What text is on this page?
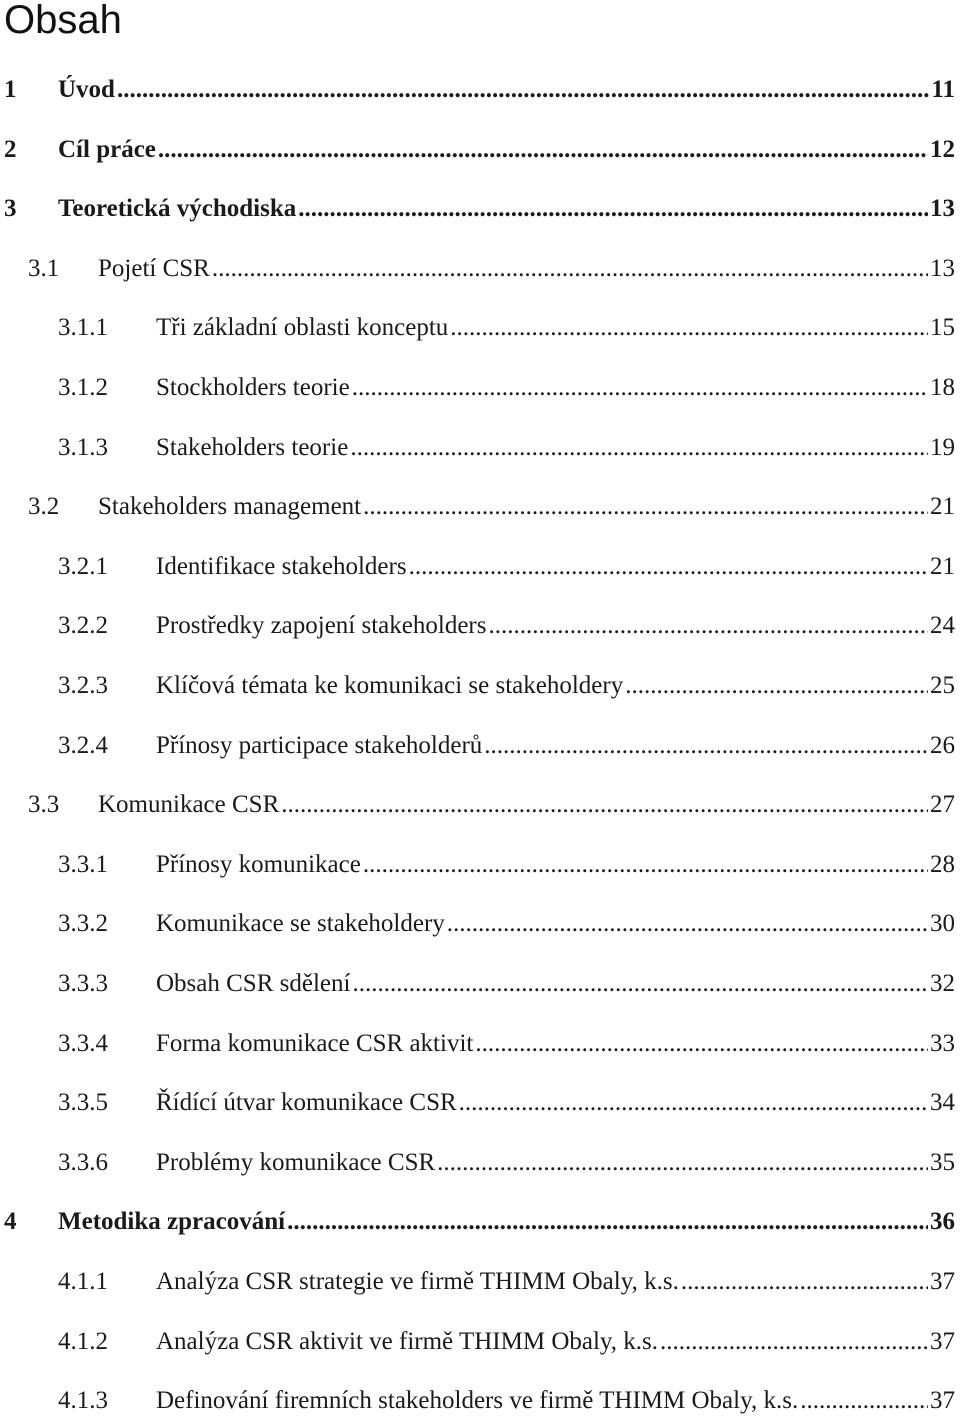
Obsah
1 Úvod .....	11
2 Cíl práce .....	12
3 Teoretická východiska .....	13
3.1 Pojetí CSR .....	13
3.1.1 Tři základní oblasti konceptu .....	15
3.1.2 Stockholders teorie .....	18
3.1.3 Stakeholders teorie .....	19
3.2 Stakeholders management .....	21
3.2.1 Identifikace stakeholders .....	21
3.2.2 Prostředky zapojení stakeholders .....	24
3.2.3 Klíčová témata ke komunikaci se stakeholdery .....	25
3.2.4 Přínosy participace stakeholderů .....	26
3.3 Komunikace CSR .....	27
3.3.1 Přínosy komunikace .....	28
3.3.2 Komunikace se stakeholdery .....	30
3.3.3 Obsah CSR sdělení .....	32
3.3.4 Forma komunikace CSR aktivit .....	33
3.3.5 Řídící útvar komunikace CSR .....	34
3.3.6 Problémy komunikace CSR .....	35
4 Metodika zpracování .....	36
4.1.1 Analýza CSR strategie ve firmě THIMM Obaly, k.s. .....	37
4.1.2 Analýza CSR aktivit ve firmě THIMM Obaly, k.s. .....	37
4.1.3 Definování firemních stakeholders ve firmě THIMM Obaly, k.s. .....	37
